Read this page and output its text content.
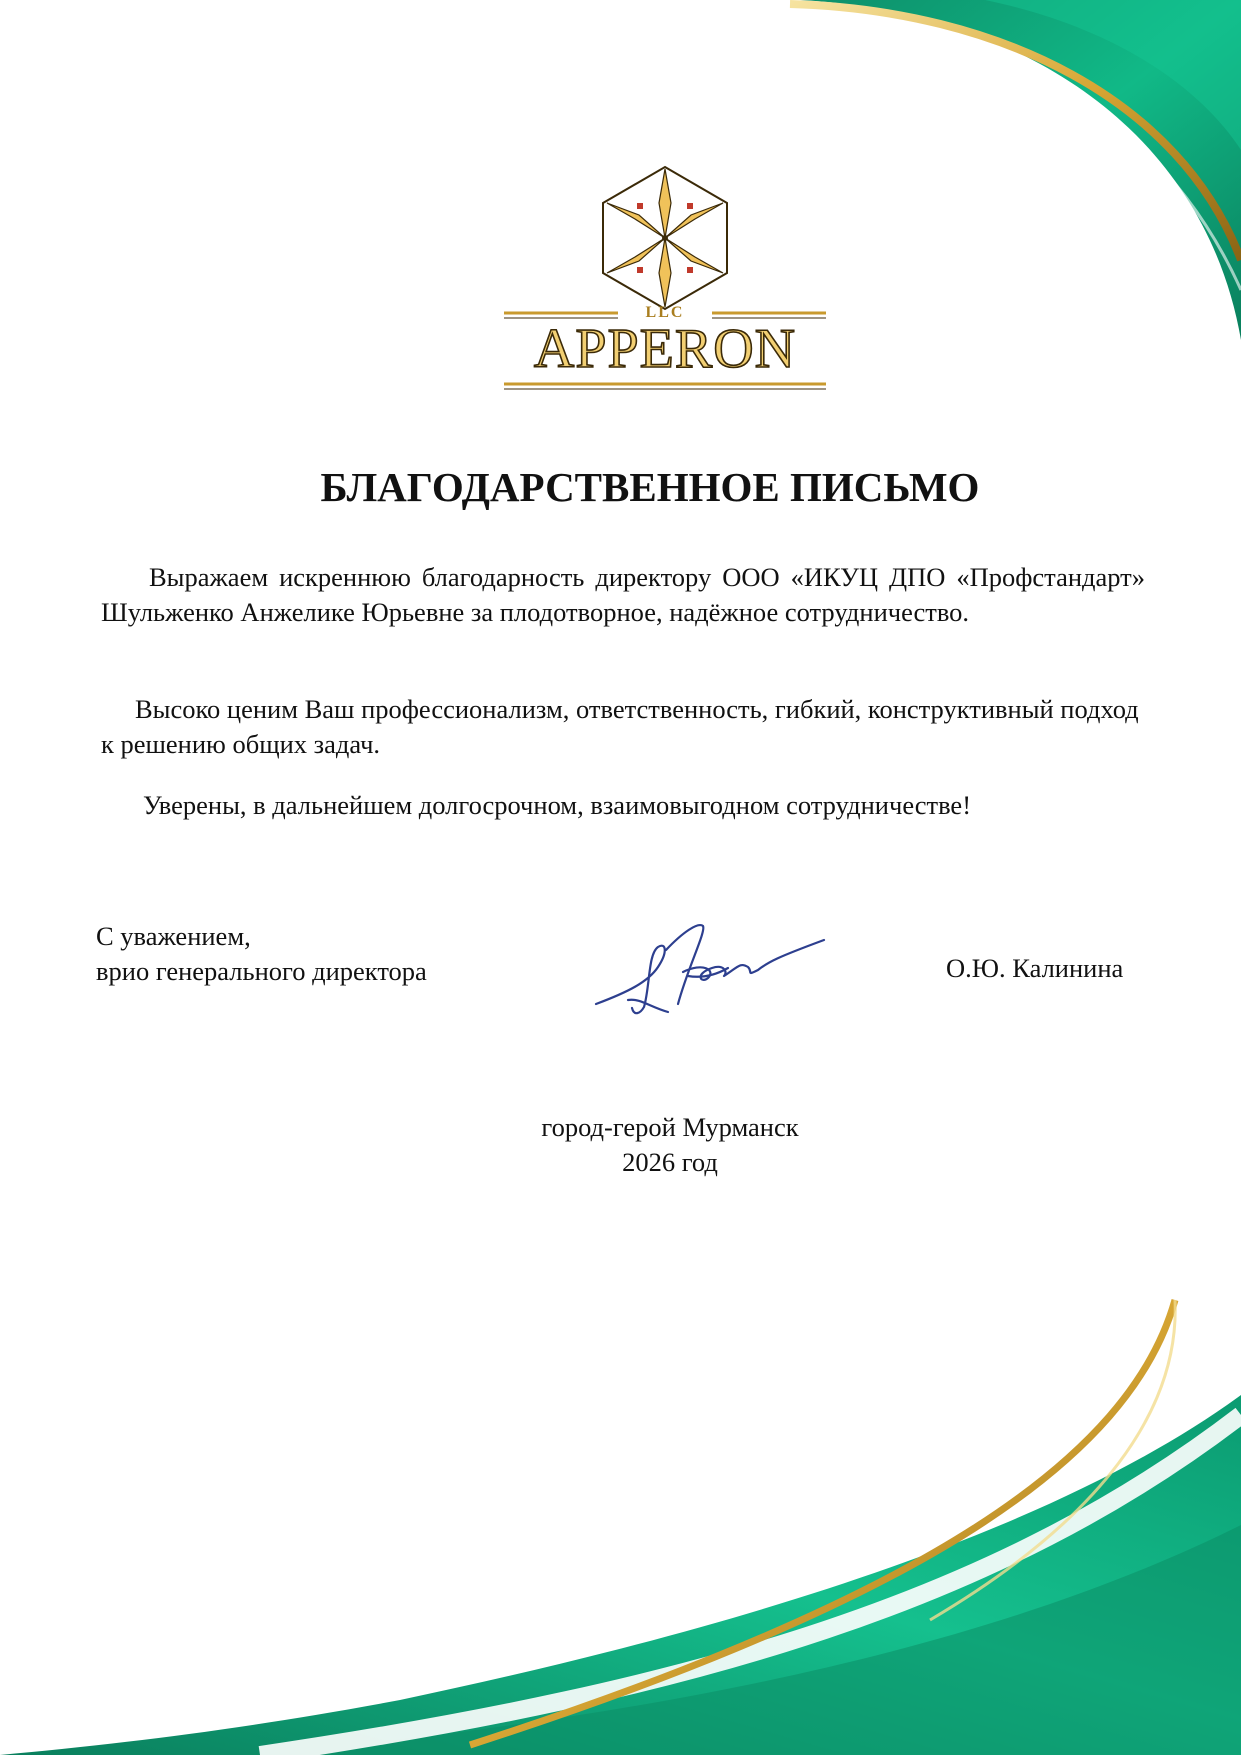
LLC
APPERON
БЛАГОДАРСТВЕННОЕ ПИСЬМО

Выражаем искреннюю благодарность директору ООО «ИКУЦ ДПО «Профстандарт» Шульженко Анжелике Юрьевне за плодотворное, надёжное сотрудничество.

Высоко ценим Ваш профессионализм, ответственность, гибкий, конструктивный подход к решению общих задач.

Уверены, в дальнейшем долгосрочном, взаимовыгодном сотрудничестве!

С уважением,
врио генерального директора	О.Ю. Калинина
город-герой Мурманск
2026 год
